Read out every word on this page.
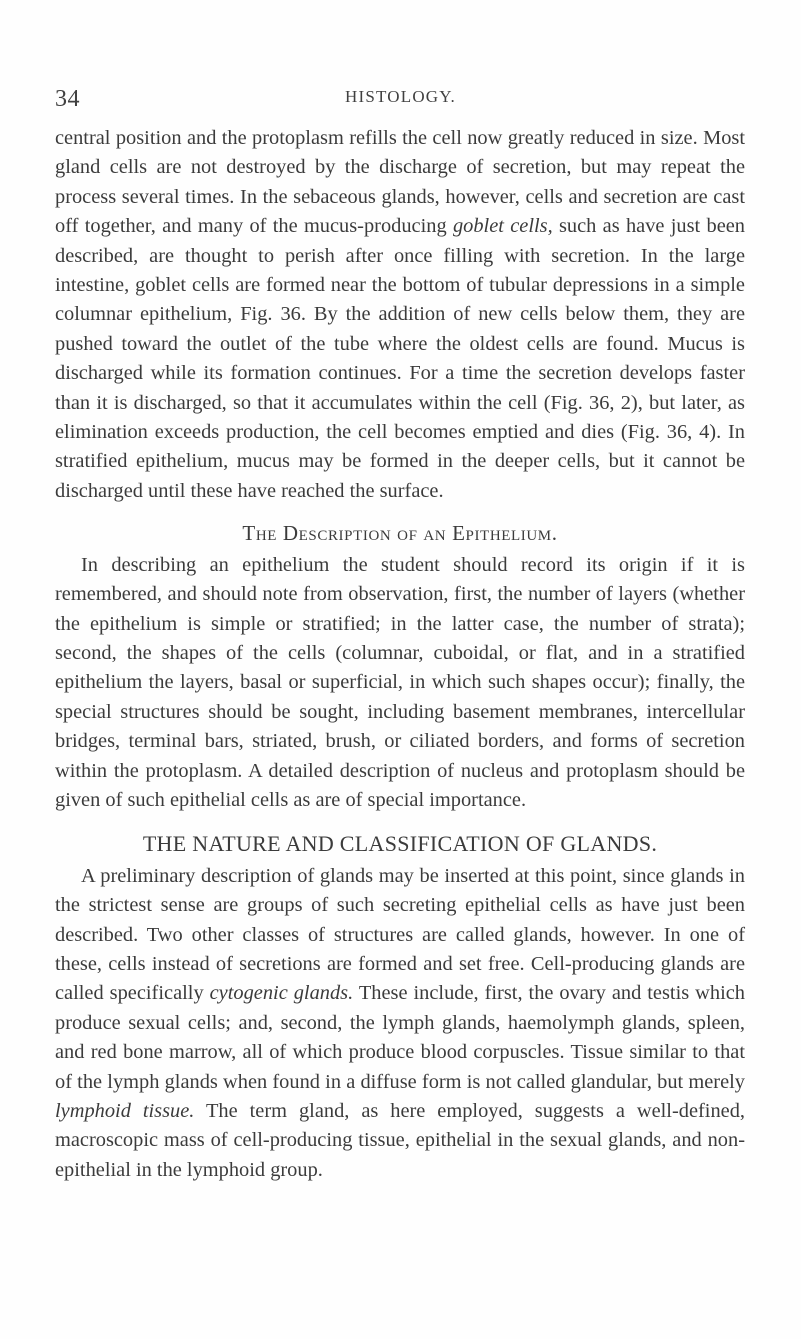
34	HISTOLOGY.

central position and the protoplasm refills the cell now greatly reduced in size. Most gland cells are not destroyed by the discharge of secretion, but may repeat the process several times. In the sebaceous glands, however, cells and secretion are cast off together, and many of the mucus-producing goblet cells, such as have just been described, are thought to perish after once filling with secretion. In the large intestine, goblet cells are formed near the bottom of tubular depressions in a simple columnar epithelium, Fig. 36. By the addition of new cells below them, they are pushed toward the outlet of the tube where the oldest cells are found. Mucus is discharged while its formation continues. For a time the secretion develops faster than it is discharged, so that it accumulates within the cell (Fig. 36, 2), but later, as elimination exceeds production, the cell becomes emptied and dies (Fig. 36, 4). In stratified epithelium, mucus may be formed in the deeper cells, but it cannot be discharged until these have reached the surface.

The Description of an Epithelium.

In describing an epithelium the student should record its origin if it is remembered, and should note from observation, first, the number of layers (whether the epithelium is simple or stratified; in the latter case, the number of strata); second, the shapes of the cells (columnar, cuboidal, or flat, and in a stratified epithelium the layers, basal or superficial, in which such shapes occur); finally, the special structures should be sought, including basement membranes, intercellular bridges, terminal bars, striated, brush, or ciliated borders, and forms of secretion within the protoplasm. A detailed description of nucleus and protoplasm should be given of such epithelial cells as are of special importance.

THE NATURE AND CLASSIFICATION OF GLANDS.

A preliminary description of glands may be inserted at this point, since glands in the strictest sense are groups of such secreting epithelial cells as have just been described. Two other classes of structures are called glands, however. In one of these, cells instead of secretions are formed and set free. Cell-producing glands are called specifically cytogenic glands. These include, first, the ovary and testis which produce sexual cells; and, second, the lymph glands, haemolymph glands, spleen, and red bone marrow, all of which produce blood corpuscles. Tissue similar to that of the lymph glands when found in a diffuse form is not called glandular, but merely lymphoid tissue. The term gland, as here employed, suggests a well-defined, macroscopic mass of cell-producing tissue, epithelial in the sexual glands, and non-epithelial in the lymphoid group.
